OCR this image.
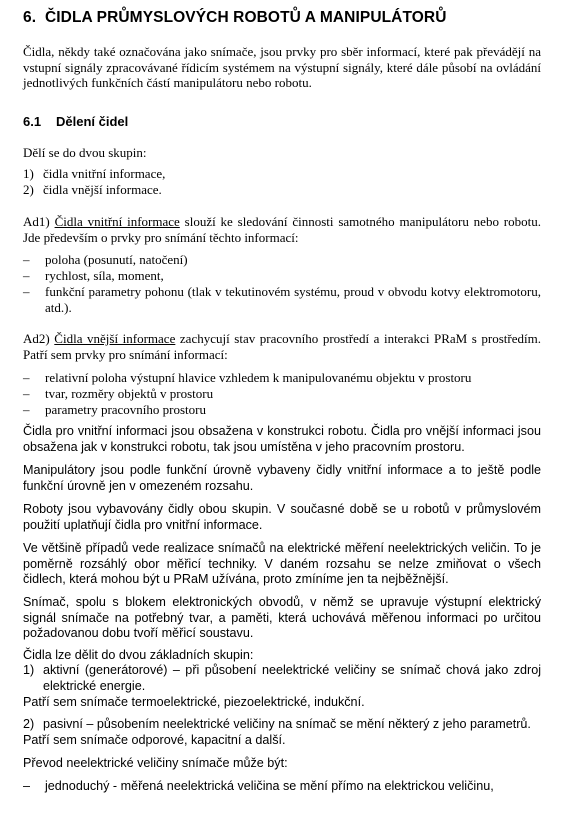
6. ČIDLA PRŮMYSLOVÝCH ROBOTŮ A MANIPULÁTORŮ

Čidla, někdy také označována jako snímače, jsou prvky pro sběr informací, které pak převádějí na vstupní signály zpracovávané řídicím systémem na výstupní signály, které dále působí na ovládání jednotlivých funkčních částí manipulátoru nebo robotu.

6.1 Dělení čidel

Dělí se do dvou skupin:

1) čidla vnitřní informace,
2) čidla vnější informace.

Ad1) Čidla vnitřní informace slouží ke sledování činnosti samotného manipulátoru nebo robotu. Jde především o prvky pro snímání těchto informací:

–	poloha (posunutí, natočení)
–	rychlost, síla, moment,
–	funkční parametry pohonu (tlak v tekutinovém systému, proud v obvodu kotvy elektromotoru, atd.).

Ad2) Čidla vnější informace zachycují stav pracovního prostředí a interakci PRaM s prostředím. Patří sem prvky pro snímání informací:

–	relativní poloha výstupní hlavice vzhledem k manipulovanému objektu v prostoru
–	tvar, rozměry objektů v prostoru
–	parametry pracovního prostoru

Čidla pro vnitřní informaci jsou obsažena v konstrukci robotu. Čidla pro vnější informaci jsou obsažena jak v konstrukci robotu, tak jsou umístěna v jeho pracovním prostoru.

Manipulátory jsou podle funkční úrovně vybaveny čidly vnitřní informace a to ještě podle funkční úrovně jen v omezeném rozsahu.

Roboty jsou vybavovány čidly obou skupin. V současné době se u robotů v průmyslovém použití uplatňují čidla pro vnitřní informace.

Ve většině případů vede realizace snímačů na elektrické měření neelektrických veličin. To je poměrně rozsáhlý obor měřicí techniky. V daném rozsahu se nelze zmiňovat o všech čidlech, která mohou být u PRaM užívána, proto zmíníme jen ta nejběžnější.

Snímač, spolu s blokem elektronických obvodů, v němž se upravuje výstupní elektrický signál snímače na potřebný tvar, a paměti, která uchovává měřenou informaci po určitou požadovanou dobu tvoří měřicí soustavu.

Čidla lze dělit do dvou základních skupin:

1) aktivní (generátorové) – při působení neelektrické veličiny se snímač chová jako zdroj elektrické energie.

Patří sem snímače termoelektrické, piezoelektrické, indukční.

2) pasivní – působením neelektrické veličiny na snímač se mění některý z jeho parametrů.

Patří sem snímače odporové, kapacitní a další.

Převod neelektrické veličiny snímače může být:

–	jednoduchý - měřená neelektrická veličina se mění přímo na elektrickou veličinu,
